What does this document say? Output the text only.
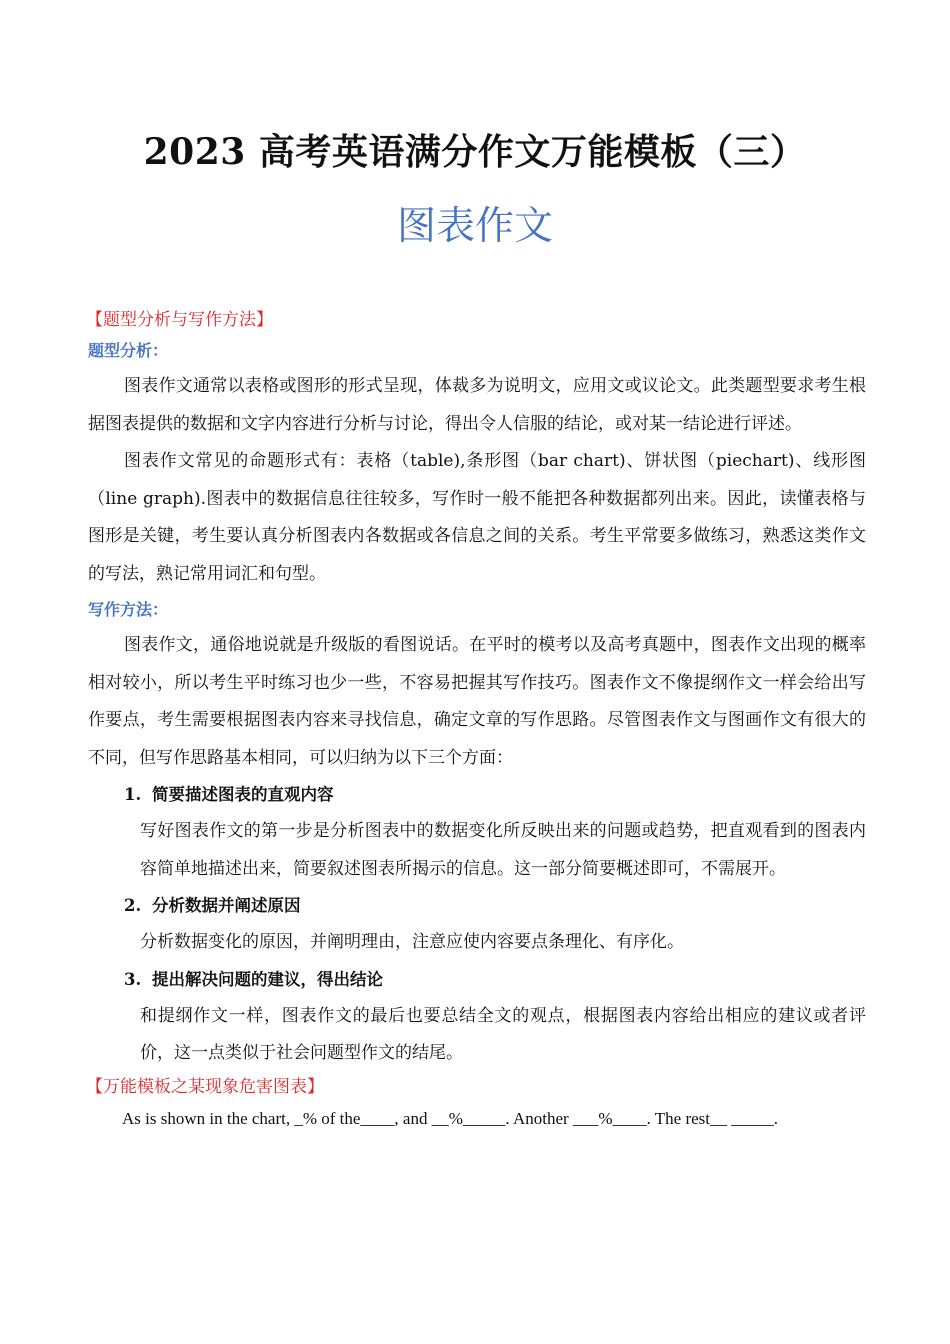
2023 高考英语满分作文万能模板（三）
图表作文
【题型分析与写作方法】
题型分析：

图表作文通常以表格或图形的形式呈现，体裁多为说明文，应用文或议论文。此类题型要求考生根据图表提供的数据和文字内容进行分析与讨论，得出令人信服的结论，或对某一结论进行评述。

图表作文常见的命题形式有：表格（table),条形图（bar chart)、饼状图（piechart)、线形图（line graph).图表中的数据信息往往较多，写作时一般不能把各种数据都列出来。因此，读懂表格与图形是关键，考生要认真分析图表内各数据或各信息之间的关系。考生平常要多做练习，熟悉这类作文的写法，熟记常用词汇和句型。

写作方法：

图表作文，通俗地说就是升级版的看图说话。在平时的模考以及高考真题中，图表作文出现的概率相对较小，所以考生平时练习也少一些，不容易把握其写作技巧。图表作文不像提纲作文一样会给出写作要点，考生需要根据图表内容来寻找信息，确定文章的写作思路。尽管图表作文与图画作文有很大的不同，但写作思路基本相同，可以归纳为以下三个方面：

1. 简要描述图表的直观内容
写好图表作文的第一步是分析图表中的数据变化所反映出来的问题或趋势，把直观看到的图表内容简单地描述出来，简要叙述图表所揭示的信息。这一部分简要概述即可，不需展开。
2. 分析数据并阐述原因
分析数据变化的原因，并阐明理由，注意应使内容要点条理化、有序化。
3. 提出解决问题的建议，得出结论
和提纲作文一样，图表作文的最后也要总结全文的观点，根据图表内容给出相应的建议或者评价，这一点类似于社会问题型作文的结尾。
【万能模板之某现象危害图表】
As is shown in the chart, _% of the____, and __%_____. Another ___%____. The rest__ _____.
